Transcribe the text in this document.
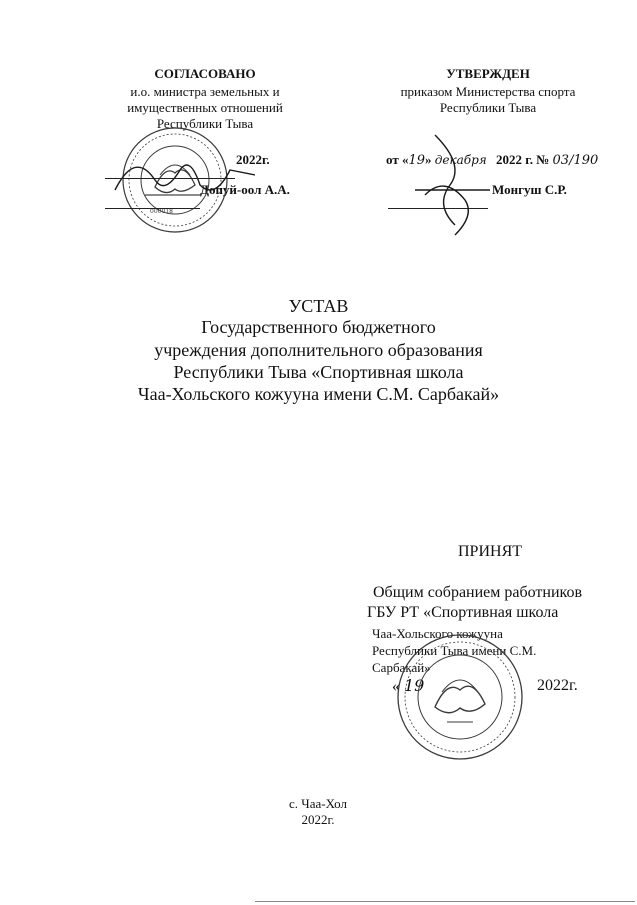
СОГЛАСОВАНО
и.о. министра земельных и
имущественных отношений
Республики Тыва
2022г.
Допуй-оол А.А.
000018
УТВЕРЖДЕН
приказом Министерства спорта
Республики Тыва
от «19» декабря 2022 г. № 03/190
Монгуш С.Р.
УСТАВ
Государственного бюджетного
учреждения дополнительного образования
Республики Тыва «Спортивная школа
Чаа-Хольского кожууна имени С.М. Сарбакай»
ПРИНЯТ
Общим собранием работников
ГБУ РТ «Спортивная школа
Чаа-Хольского кожууна
Республики Тыва имени С.М.
Сарбакай»
« 19	2022г.
с. Чаа-Хол
2022г.
